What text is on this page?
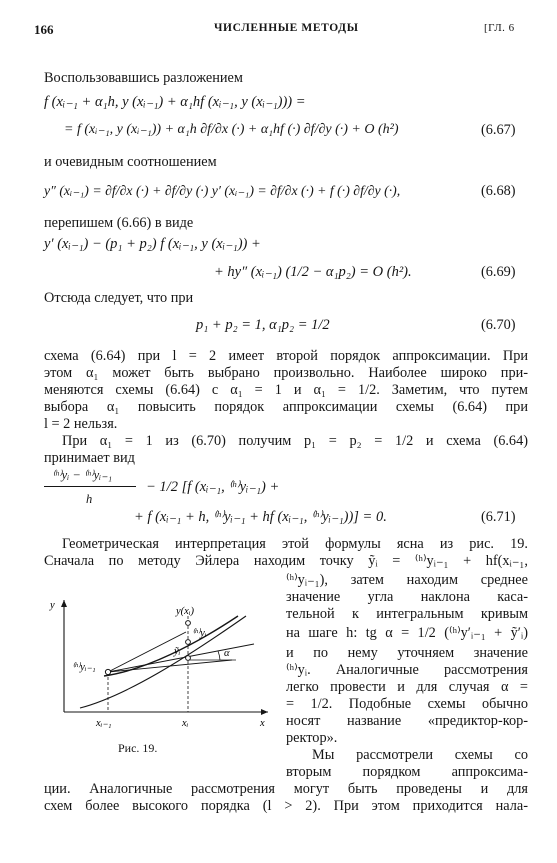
166	ЧИСЛЕННЫЕ МЕТОДЫ	[ГЛ. 6
Воспользовавшись разложением
f (xᵢ₋₁ + α₁h, y (xᵢ₋₁) + α₁hf (xᵢ₋₁, y (xᵢ₋₁))) =
= f (xᵢ₋₁, y (xᵢ₋₁)) + α₁h ∂f/∂x (·) + α₁hf (·) ∂f/∂y (·) + O (h²)	(6.67)
и очевидным соотношением
y″ (xᵢ₋₁) = ∂f/∂x (·) + ∂f/∂y (·) y′ (xᵢ₋₁) = ∂f/∂x (·) + f (·) ∂f/∂y (·),	(6.68)
перепишем (6.66) в виде
y′ (xᵢ₋₁) − (p₁ + p₂) f (xᵢ₋₁, y (xᵢ₋₁)) +
+ hy″ (xᵢ₋₁) (1/2 − α₁p₂) = O (h²).	(6.69)
Отсюда следует, что при
p₁ + p₂ = 1, α₁p₂ = 1/2	(6.70)
схема (6.64) при l = 2 имеет второй порядок аппроксимации. При
этом α₁ может быть выбрано произвольно. Наиболее широко при-
меняются схемы (6.64) с α₁ = 1 и α₁ = 1/2. Заметим, что путем
выбора α₁ повысить порядок аппроксимации схемы (6.64) при
l = 2 нельзя.
При α₁ = 1 из (6.70) получим p₁ = p₂ = 1/2 и схема (6.64)
принимает вид
⁽ʰ⁾yᵢ − ⁽ʰ⁾yᵢ₋₁
h
− 1/2 [f (xᵢ₋₁, ⁽ʰ⁾yᵢ₋₁) +
+ f (xᵢ₋₁ + h, ⁽ʰ⁾yᵢ₋₁ + hf (xᵢ₋₁, ⁽ʰ⁾yᵢ₋₁))] = 0.	(6.71)
Геометрическая интерпретация этой формулы ясна из рис. 19.
Сначала по методу Эйлера находим точку ỹᵢ = ⁽ʰ⁾yᵢ₋₁ + hf(xᵢ₋₁,
⁽ʰ⁾yᵢ₋₁), затем находим среднее
значение угла наклона каса-
тельной к интегральным кривым
на шаге h: tg α = 1/2 (⁽ʰ⁾y′ᵢ₋₁ + ỹ′ᵢ)
и по нему уточняем значение
⁽ʰ⁾yᵢ. Аналогичные рассмотрения
легко провести и для случая α =
= 1/2. Подобные схемы обычно
носят название «предиктор-кор-
ректор».
Мы рассмотрели схемы со
вторым порядком аппроксима-
ции. Аналогичные рассмотрения могут быть проведены и для
схем более высокого порядка (l > 2). При этом приходится нала-
y
x
y(xᵢ)
⁽ʰ⁾yᵢ
ỹᵢ
⁽ʰ⁾yᵢ₋₁
α
xᵢ₋₁	xᵢ
Рис. 19.
